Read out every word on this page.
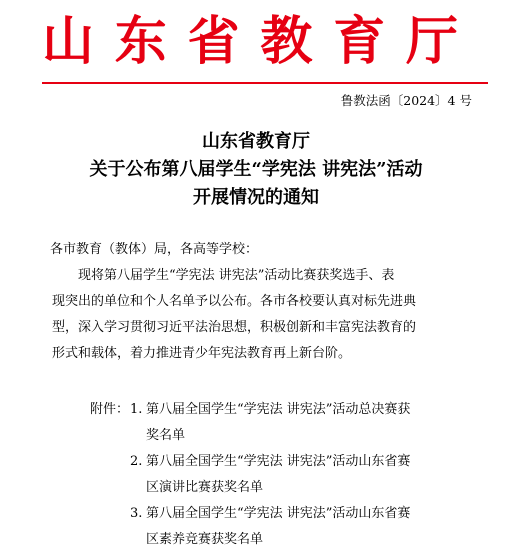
山 东 省 教 育 厅
鲁教法函〔2024〕4 号
山东省教育厅
关于公布第八届学生“学宪法 讲宪法”活动
开展情况的通知
各市教育（教体）局，各高等学校：
现将第八届学生“学宪法 讲宪法”活动比赛获奖选手、表
现突出的单位和个人名单予以公布。各市各校要认真对标先进典
型，深入学习贯彻习近平法治思想，积极创新和丰富宪法教育的
形式和载体，着力推进青少年宪法教育再上新台阶。
附件： 1. 第八届全国学生“学宪法 讲宪法”活动总决赛获
奖名单
2. 第八届全国学生“学宪法 讲宪法”活动山东省赛
区演讲比赛获奖名单
3. 第八届全国学生“学宪法 讲宪法”活动山东省赛
区素养竞赛获奖名单
